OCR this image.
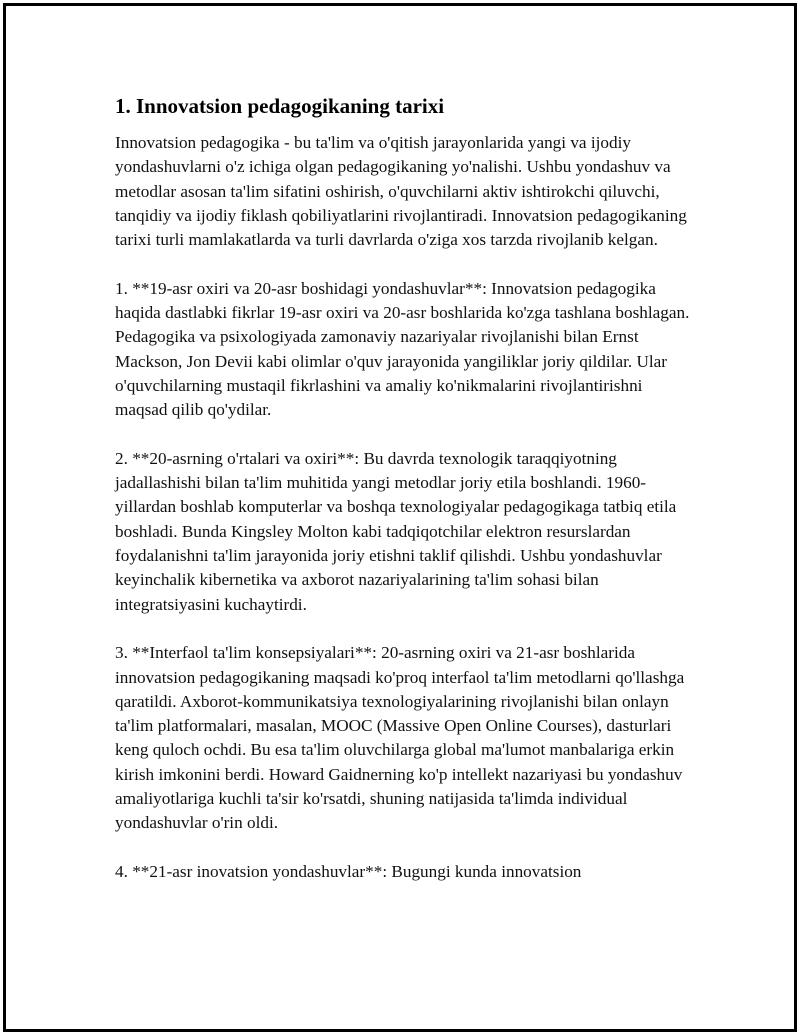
1. Innovatsion pedagogikaning tarixi

Innovatsion pedagogika - bu ta'lim va o'qitish jarayonlarida yangi va ijodiy yondashuvlarni o'z ichiga olgan pedagogikaning yo'nalishi. Ushbu yondashuv va metodlar asosan ta'lim sifatini oshirish, o'quvchilarni aktiv ishtirokchi qiluvchi, tanqidiy va ijodiy fiklash qobiliyatlarini rivojlantiradi. Innovatsion pedagogikaning tarixi turli mamlakatlarda va turli davrlarda o'ziga xos tarzda rivojlanib kelgan.

1. **19-asr oxiri va 20-asr boshidagi yondashuvlar**: Innovatsion pedagogika haqida dastlabki fikrlar 19-asr oxiri va 20-asr boshlarida ko'zga tashlana boshlagan. Pedagogika va psixologiyada zamonaviy nazariyalar rivojlanishi bilan Ernst Mackson, Jon Devii kabi olimlar o'quv jarayonida yangiliklar joriy qildilar. Ular o'quvchilarning mustaqil fikrlashini va amaliy ko'nikmalarini rivojlantirishni maqsad qilib qo'ydilar.

2. **20-asrning o'rtalari va oxiri**: Bu davrda texnologik taraqqiyotning jadallashishi bilan ta'lim muhitida yangi metodlar joriy etila boshlandi. 1960-yillardan boshlab komputerlar va boshqa texnologiyalar pedagogikaga tatbiq etila boshladi. Bunda Kingsley Molton kabi tadqiqotchilar elektron resurslardan foydalanishni ta'lim jarayonida joriy etishni taklif qilishdi. Ushbu yondashuvlar keyinchalik kibernetika va axborot nazariyalarining ta'lim sohasi bilan integratsiyasini kuchaytirdi.

3. **Interfaol ta'lim konsepsiyalari**: 20-asrning oxiri va 21-asr boshlarida innovatsion pedagogikaning maqsadi ko'proq interfaol ta'lim metodlarni qo'llashga qaratildi. Axborot-kommunikatsiya texnologiyalarining rivojlanishi bilan onlayn ta'lim platformalari, masalan, MOOC (Massive Open Online Courses), dasturlari keng quloch ochdi. Bu esa ta'lim oluvchilarga global ma'lumot manbalariga erkin kirish imkonini berdi. Howard Gaidnerning ko'p intellekt nazariyasi bu yondashuv amaliyotlariga kuchli ta'sir ko'rsatdi, shuning natijasida ta'limda individual yondashuvlar o'rin oldi.

4. **21-asr inovatsion yondashuvlar**: Bugungi kunda innovatsion
